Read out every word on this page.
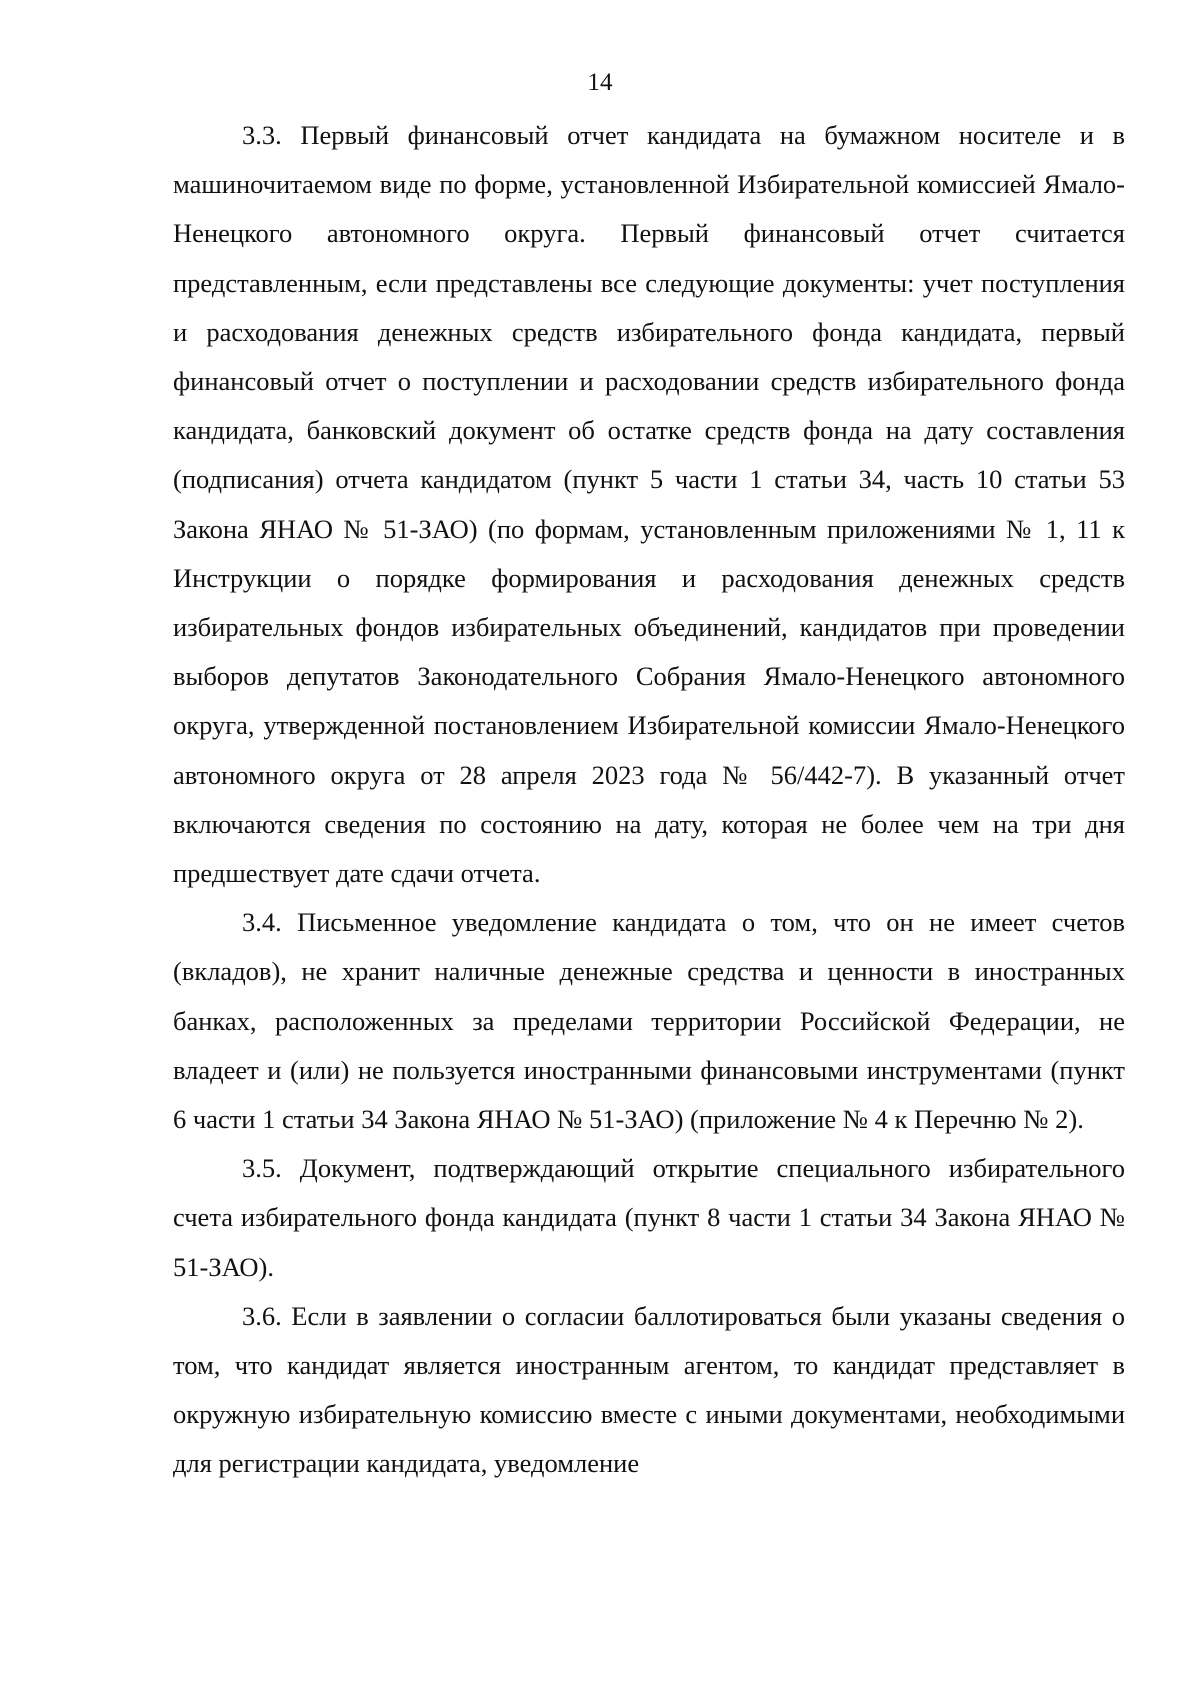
14

3.3. Первый финансовый отчет кандидата на бумажном носителе и в машиночитаемом виде по форме, установленной Избирательной комиссией Ямало-Ненецкого автономного округа. Первый финансовый отчет считается представленным, если представлены все следующие документы: учет поступления и расходования денежных средств избирательного фонда кандидата, первый финансовый отчет о поступлении и расходовании средств избирательного фонда кандидата, банковский документ об остатке средств фонда на дату составления (подписания) отчета кандидатом (пункт 5 части 1 статьи 34, часть 10 статьи 53 Закона ЯНАО № 51-ЗАО) (по формам, установленным приложениями № 1, 11 к Инструкции о порядке формирования и расходования денежных средств избирательных фондов избирательных объединений, кандидатов при проведении выборов депутатов Законодательного Собрания Ямало-Ненецкого автономного округа, утвержденной постановлением Избирательной комиссии Ямало-Ненецкого автономного округа от 28 апреля 2023 года № 56/442-7). В указанный отчет включаются сведения по состоянию на дату, которая не более чем на три дня предшествует дате сдачи отчета.

3.4. Письменное уведомление кандидата о том, что он не имеет счетов (вкладов), не хранит наличные денежные средства и ценности в иностранных банках, расположенных за пределами территории Российской Федерации, не владеет и (или) не пользуется иностранными финансовыми инструментами (пункт 6 части 1 статьи 34 Закона ЯНАО № 51-ЗАО) (приложение № 4 к Перечню № 2).

3.5. Документ, подтверждающий открытие специального избирательного счета избирательного фонда кандидата (пункт 8 части 1 статьи 34 Закона ЯНАО № 51-ЗАО).

3.6. Если в заявлении о согласии баллотироваться были указаны сведения о том, что кандидат является иностранным агентом, то кандидат представляет в окружную избирательную комиссию вместе с иными документами, необходимыми для регистрации кандидата, уведомление
